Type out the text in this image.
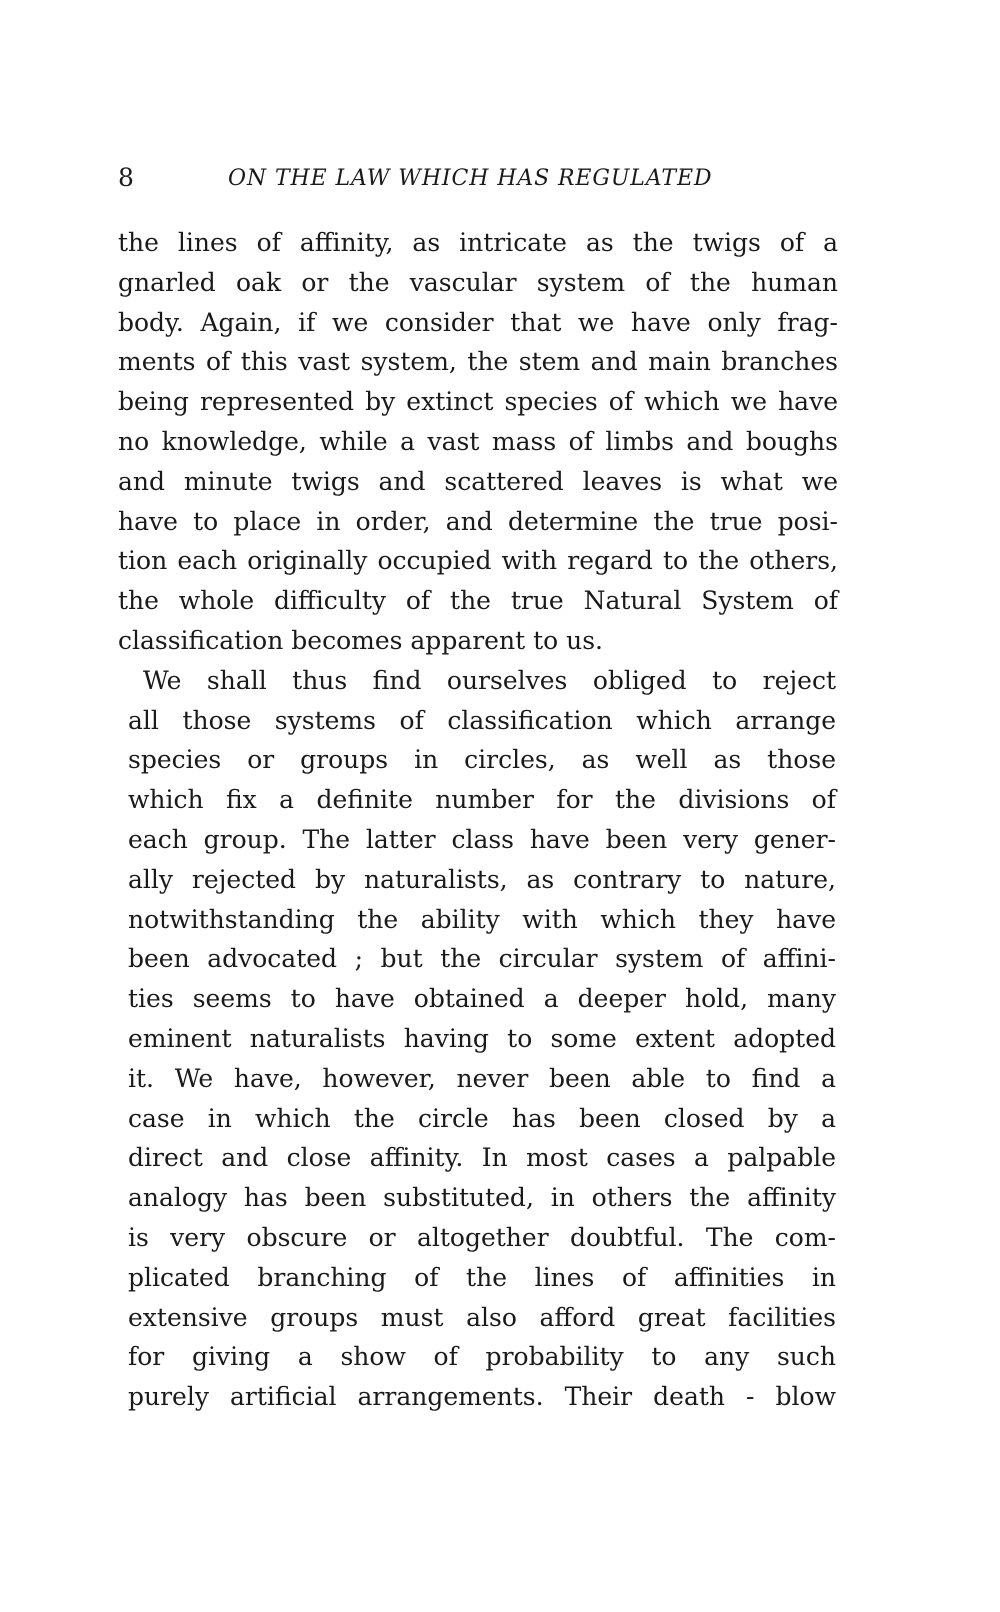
8	ON THE LAW WHICH HAS REGULATED
the lines of affinity, as intricate as the twigs of a
gnarled oak or the vascular system of the human
body. Again, if we consider that we have only frag-
ments of this vast system, the stem and main branches
being represented by extinct species of which we have
no knowledge, while a vast mass of limbs and boughs
and minute twigs and scattered leaves is what we
have to place in order, and determine the true posi-
tion each originally occupied with regard to the others,
the whole difficulty of the true Natural System of
classification becomes apparent to us.
We shall thus find ourselves obliged to reject
all those systems of classification which arrange
species or groups in circles, as well as those
which fix a definite number for the divisions of
each group. The latter class have been very gener-
ally rejected by naturalists, as contrary to nature,
notwithstanding the ability with which they have
been advocated ; but the circular system of affini-
ties seems to have obtained a deeper hold, many
eminent naturalists having to some extent adopted
it. We have, however, never been able to find a
case in which the circle has been closed by a
direct and close affinity. In most cases a palpable
analogy has been substituted, in others the affinity
is very obscure or altogether doubtful. The com-
plicated branching of the lines of affinities in
extensive groups must also afford great facilities
for giving a show of probability to any such
purely artificial arrangements. Their death - blow
